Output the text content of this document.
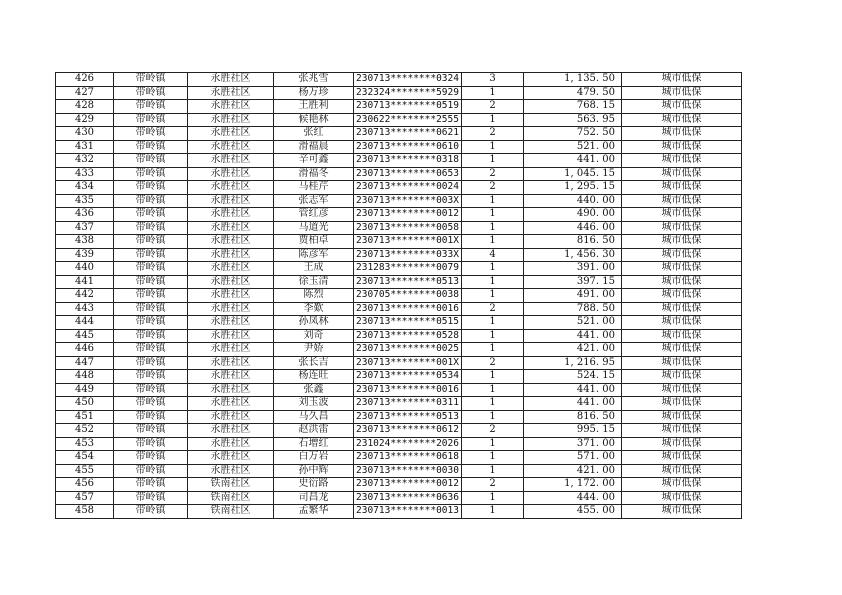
426	带岭镇	永胜社区	张兆雪	230713********0324	3	1, 135. 50	城市低保
427	带岭镇	永胜社区	杨万珍	232324********5929	1	479. 50	城市低保
428	带岭镇	永胜社区	王胜利	230713********0519	2	768. 15	城市低保
429	带岭镇	永胜社区	候艳林	230622********2555	1	563. 95	城市低保
430	带岭镇	永胜社区	张红	230713********0621	2	752. 50	城市低保
431	带岭镇	永胜社区	滑福晨	230713********0610	1	521. 00	城市低保
432	带岭镇	永胜社区	辛可鑫	230713********0318	1	441. 00	城市低保
433	带岭镇	永胜社区	滑福冬	230713********0653	2	1, 045. 15	城市低保
434	带岭镇	永胜社区	马桂芹	230713********0024	2	1, 295. 15	城市低保
435	带岭镇	永胜社区	张志军	230713********003X	1	440. 00	城市低保
436	带岭镇	永胜社区	管红彦	230713********0012	1	490. 00	城市低保
437	带岭镇	永胜社区	马道光	230713********0058	1	446. 00	城市低保
438	带岭镇	永胜社区	贾柏卓	230713********001X	1	816. 50	城市低保
439	带岭镇	永胜社区	陈彦军	230713********033X	4	1, 456. 30	城市低保
440	带岭镇	永胜社区	王成	231283********0079	1	391. 00	城市低保
441	带岭镇	永胜社区	徐玉清	230713********0513	1	397. 15	城市低保
442	带岭镇	永胜社区	陈烈	230705********0038	1	491. 00	城市低保
443	带岭镇	永胜社区	李歎	230713********0016	2	788. 50	城市低保
444	带岭镇	永胜社区	孙凤林	230713********0515	1	521. 00	城市低保
445	带岭镇	永胜社区	刘奇	230713********0528	1	441. 00	城市低保
446	带岭镇	永胜社区	尹娇	230713********0025	1	421. 00	城市低保
447	带岭镇	永胜社区	张长吉	230713********001X	2	1, 216. 95	城市低保
448	带岭镇	永胜社区	杨连旺	230713********0534	1	524. 15	城市低保
449	带岭镇	永胜社区	张鑫	230713********0016	1	441. 00	城市低保
450	带岭镇	永胜社区	刘玉波	230713********0311	1	441. 00	城市低保
451	带岭镇	永胜社区	马久昌	230713********0513	1	816. 50	城市低保
452	带岭镇	永胜社区	赵洪雷	230713********0612	2	995. 15	城市低保
453	带岭镇	永胜社区	石增红	231024********2026	1	371. 00	城市低保
454	带岭镇	永胜社区	白万岩	230713********0618	1	571. 00	城市低保
455	带岭镇	永胜社区	孙中辉	230713********0030	1	421. 00	城市低保
456	带岭镇	铁南社区	史衍路	230713********0012	2	1, 172. 00	城市低保
457	带岭镇	铁南社区	司昌龙	230713********0636	1	444. 00	城市低保
458	带岭镇	铁南社区	孟繁华	230713********0013	1	455. 00	城市低保
